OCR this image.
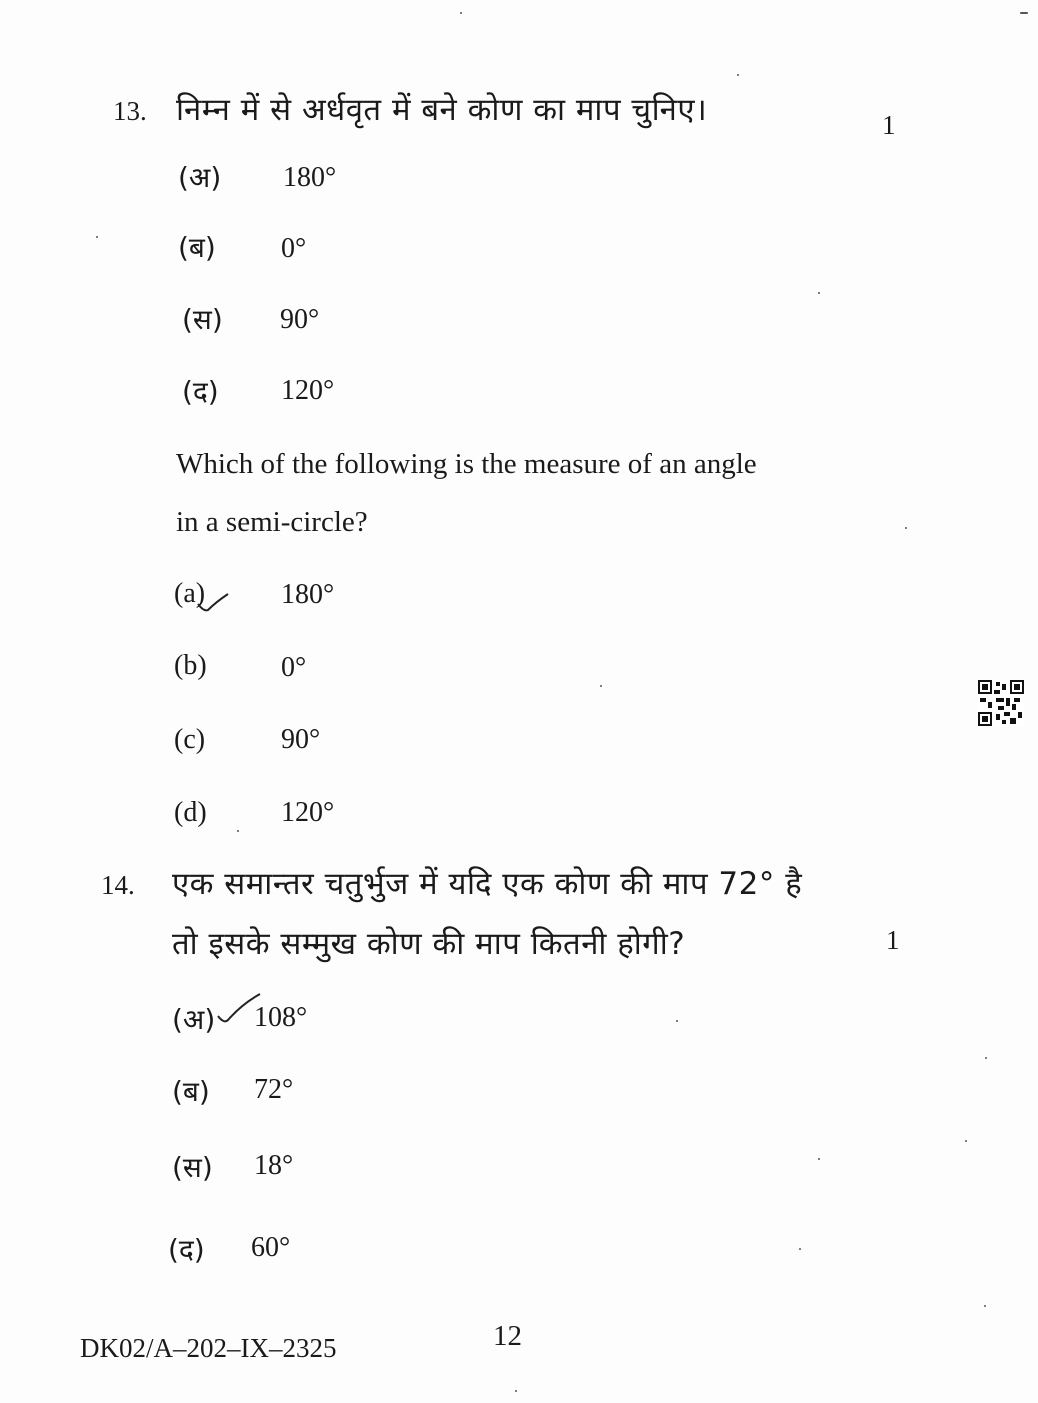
13. निम्न में से अर्धवृत में बने कोण का माप चुनिए।	1
(अ) 180°
(ब) 0°
(स) 90°
(द) 120°
Which of the following is the measure of an angle
in a semi-circle?
(a)	180°
(b)	0°
(c)	90°
(d)	120°
14. एक समान्तर चतुर्भुज में यदि एक कोण की माप 72° है
तो इसके सम्मुख कोण की माप कितनी होगी?	1
(अ) 108°
(ब) 72°
(स) 18°
(द) 60°
DK02/A–202–IX–2325	12
